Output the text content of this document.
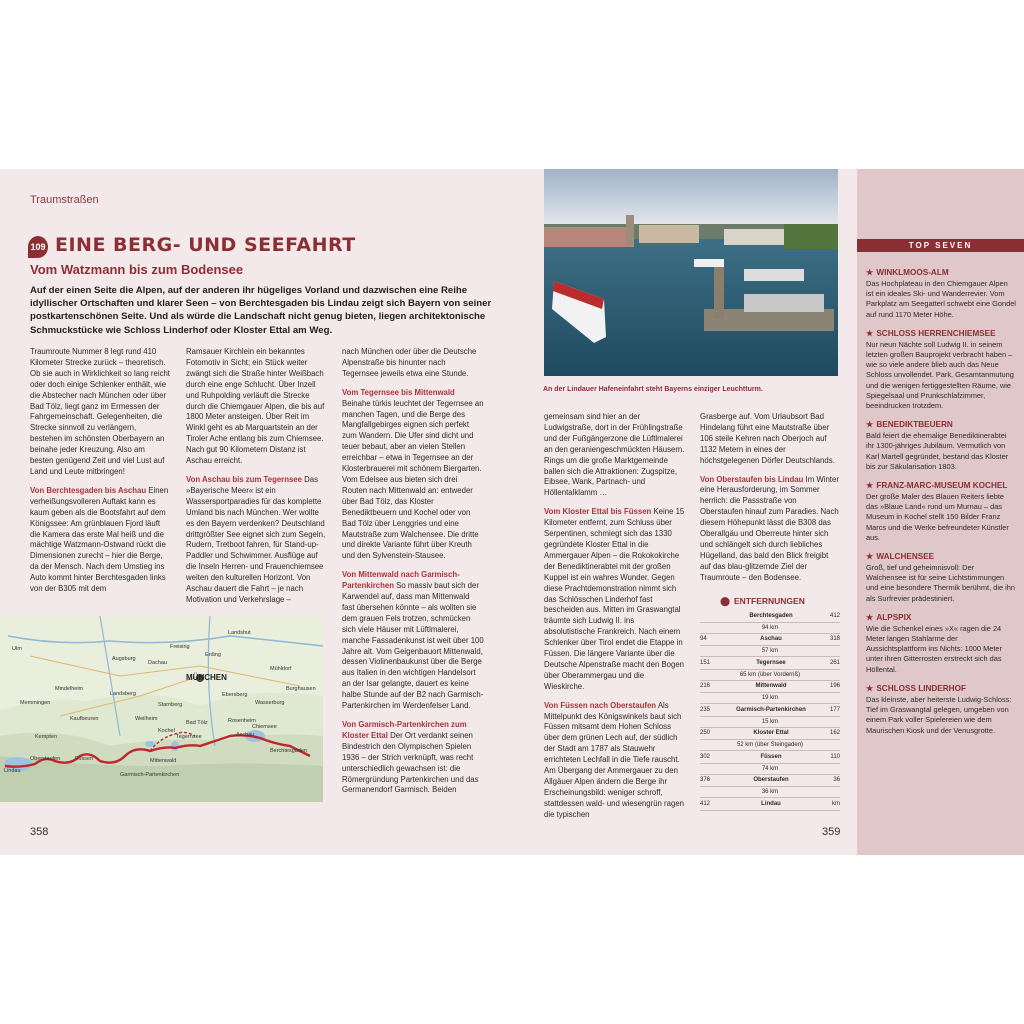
Traumstraßen
109 EINE BERG- UND SEEFAHRT
Vom Watzmann bis zum Bodensee
Auf der einen Seite die Alpen, auf der anderen ihr hügeliges Vorland und dazwischen eine Reihe idyllischer Ortschaften und klarer Seen – von Berchtesgaden bis Lindau zeigt sich Bayern von seiner postkartenschönen Seite. Und als würde die Landschaft nicht genug bieten, liegen architektonische Schmuckstücke wie Schloss Linderhof oder Kloster Ettal am Weg.

Traumroute Nummer 8 legt rund 410 Kilometer Strecke zurück – theoretisch. Ob sie auch in Wirklichkeit so lang reicht oder doch einige Schlenker enthält, wie die Abstecher nach München oder über Bad Tölz, liegt ganz im Ermessen der Fahrgemeinschaft. Gelegenheiten, die Strecke sinnvoll zu verlängern, bestehen im schönsten Oberbayern an beinahe jeder Kreuzung. Also am besten genügend Zeit und viel Lust auf Land und Leute mitbringen!

Von Berchtesgaden bis Aschau Einen verheißungsvolleren Auftakt kann es kaum geben als die Bootsfahrt auf dem Königssee: Am grünblauen Fjord läuft die Kamera das erste Mal heiß und die mächtige Watzmann-Ostwand rückt die Dimensionen zurecht – hier die Berge, da der Mensch. Nach dem Umstieg ins Auto kommt hinter Berchtesgaden links von der B305 mit dem

Ramsauer Kirchlein ein bekanntes Fotomotiv in Sicht; ein Stück weiter zwängt sich die Straße hinter Weißbach durch eine enge Schlucht. Über Inzell und Ruhpolding verläuft die Strecke durch die Chiemgauer Alpen, die bis auf 1800 Meter ansteigen. Über Reit im Winkl geht es ab Marquartstein an der Tiroler Ache entlang bis zum Chiemsee. Nach gut 90 Kilometern Distanz ist Aschau erreicht.

Von Aschau bis zum Tegernsee Das »Bayerische Meer« ist ein Wassersportparadies für das komplette Umland bis nach München. Wer wollte es den Bayern verdenken? Deutschland drittgrößter See eignet sich zum Segeln, Rudern, Tretboot fahren, für Stand-up-Paddler und Schwimmer. Ausflüge auf die Inseln Herren- und Frauenchiemsee weiten den kulturellen Horizont. Von Aschau dauert die Fahrt – je nach Motivation und Verkehrslage –

nach München oder über die Deutsche Alpenstraße bis hinunter nach Tegernsee jeweils etwa eine Stunde.

Vom Tegernsee bis Mittenwald Beinahe türkis leuchtet der Tegernsee an manchen Tagen, und die Berge des Mangfallgebirges eignen sich perfekt zum Wandern. Die Ufer sind dicht und teuer bebaut, aber an vielen Stellen erreichbar – etwa in Tegernsee an der Klosterbrauerei mit schönem Biergarten. Vom Edelsee aus bieten sich drei Routen nach Mittenwald an: entweder über Bad Tölz, das Kloster Benediktbeuern und Kochel oder von Bad Tölz über Lenggries und eine Mautstraße zum Walchensee. Die dritte und direkte Variante führt über Kreuth und den Sylvenstein-Stausee.

Von Mittenwald nach Garmisch-Partenkirchen So massiv baut sich der Karwendel auf, dass man Mittenwald fast übersehen könnte – als wollten sie dem grauen Fels trotzen, schmücken sich viele Häuser mit Lüftlmalerei, manche Fassadenkunst ist weit über 100 Jahre alt. Vom Geigenbauort Mittenwald, dessen Violinenbaukunst über die Berge aus Italien in den wichtigen Handelsort an der Isar gelangte, dauert es keine halbe Stunde auf der B2 nach Garmisch-Partenkirchen im Werdenfelser Land.

Von Garmisch-Partenkirchen zum Kloster Ettal Der Ort verdankt seinen Bindestrich den Olympischen Spielen 1936 – der Strich verknüpft, was recht unterschiedlich gewachsen ist: die Römergründung Partenkirchen und das Germanendorf Garmisch. Beiden

MÜNCHEN
Augsburg
Freising
Erding
Landshut
Dachau
Rosenheim
Ulm
Lindau
Füssen
Garmisch-Partenkirchen
Tegernsee
Berchtesgaden
Kempten
Kaufbeuren
Starnberg
Chiemsee
Ebersberg
Wasserburg
Mühldorf
Burghausen
Memmingen
Mindelheim
Landsberg
Weilheim
Bad Tölz
Kochel
Mittenwald
Aschau
Oberstaufen
358
An der Lindauer Hafeneinfahrt steht Bayerns einziger Leuchtturm.

gemeinsam sind hier an der Ludwigstraße, dort in der Frühlingstraße und der Fußgängerzone die Lüftlmalerei an den geraniengeschmückten Häusern. Rings um die große Marktgemeinde ballen sich die Attraktionen: Zugspitze, Eibsee, Wank, Partnach- und Höllentalklamm …

Vom Kloster Ettal bis Füssen Keine 15 Kilometer entfernt, zum Schluss über Serpentinen, schmiegt sich das 1330 gegründete Kloster Ettal in die Ammergauer Alpen – die Rokokokirche der Benediktinerabtei mit der großen Kuppel ist ein wahres Wunder. Gegen diese Prachtdemonstration nimmt sich das Schlösschen Linderhof fast bescheiden aus. Mitten im Graswangtal träumte sich Ludwig II. ins absolutistische Frankreich. Nach einem Schlenker über Tirol endet die Etappe in Füssen. Die längere Variante über die Deutsche Alpenstraße macht den Bogen über Oberammergau und die Wieskirche.

Von Füssen nach Oberstaufen Als Mittelpunkt des Königswinkels baut sich Füssen mitsamt dem Hohen Schloss über dem grünen Lech auf, der südlich der Stadt am 1787 als Stauwehr errichteten Lechfall in die Tiefe rauscht. Am Übergang der Ammergauer zu den Allgäuer Alpen ändern die Berge ihr Erscheinungsbild: weniger schroff, stattdessen wald- und wiesengrün ragen die typischen

Grasberge auf. Vom Urlaubsort Bad Hindelang führt eine Mautstraße über 106 steile Kehren nach Oberjoch auf 1132 Metern in eines der höchstgelegenen Dörfer Deutschlands.

Von Oberstaufen bis Lindau Im Winter eine Herausforderung, im Sommer herrlich: die Passstraße von Oberstaufen hinauf zum Paradies. Nach diesem Höhepunkt lässt die B308 das Oberallgäu und Oberreute hinter sich und schlängelt sich durch liebliches Hügelland, das bald den Blick freigibt auf das blau-glitzernde Ziel der Traumroute – den Bodensee.

⬤ ENTFERNUNGEN
Berchtesgaden	412
94 km
94	Aschau	318
57 km
151	Tegernsee	261
65 km (über Vorderriß)
216	Mittenwald	196
19 km
235	Garmisch-Partenkirchen	177
15 km
250	Kloster Ettal	162
52 km (über Steingaden)
302	Füssen	110
74 km
376	Oberstaufen	36
36 km
412	Lindau	km
359
TOP SEVEN
★ WINKLMOOS-ALM
Das Hochplateau in den Chiemgauer Alpen ist ein ideales Ski- und Wanderrevier. Vom Parkplatz am Seegatterl schwebt eine Gondel auf rund 1170 Meter Höhe.
★ SCHLOSS HERRENCHIEMSEE
Nur neun Nächte soll Ludwig II. in seinem letzten großen Bauprojekt verbracht haben – wie so viele andere blieb auch das Neue Schloss unvollendet. Park, Gesamtanmutung und die wenigen fertiggestellten Räume, wie Spiegelsaal und Prunkschlafzimmer, beeindrucken trotzdem.
★ BENEDIKTBEUERN
Bald feiert die ehemalige Benediktinerabtei ihr 1300-jähriges Jubiläum. Vermutlich von Karl Martell gegründet, bestand das Kloster bis zur Säkularisation 1803.
★ FRANZ-MARC-MUSEUM KOCHEL
Der große Maler des Blauen Reiters liebte das »Blaue Land« rund um Murnau – das Museum in Kochel stellt 150 Bilder Franz Marcs und die Werke befreundeter Künstler aus.
★ WALCHENSEE
Groß, tief und geheimnisvoll: Der Walchensee ist für seine Lichtstimmungen und eine besondere Thermik berühmt, die ihn als Surfrevier prädestiniert.
★ ALPSPIX
Wie die Schenkel eines »X« ragen die 24 Meter langen Stahlarme der Aussichtsplattform ins Nichts: 1000 Meter unter ihren Gitterrosten erstreckt sich das Höllental.
★ SCHLOSS LINDERHOF
Das kleinste, aber heiterste Ludwig-Schloss: Tief im Graswangtal gelegen, umgeben von einem Park voller Spielereien wie dem Maurischen Kiosk und der Venusgrotte.
